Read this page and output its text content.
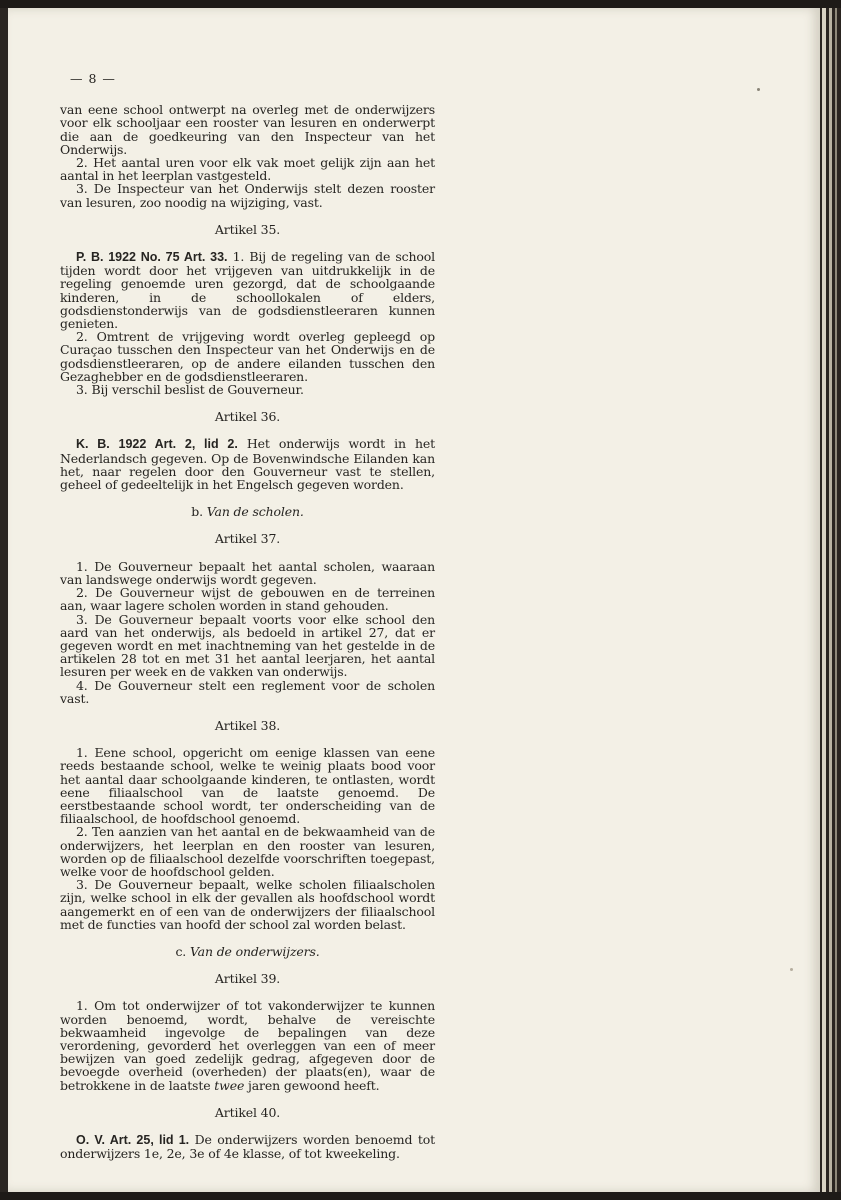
— 8 —

van eene school ontwerpt na overleg met de onderwijzers voor elk schooljaar een rooster van lesuren en onderwerpt die aan de goedkeuring van den Inspecteur van het Onderwijs.

2. Het aantal uren voor elk vak moet gelijk zijn aan het aantal in het leerplan vastgesteld.

3. De Inspecteur van het Onderwijs stelt dezen rooster van lesuren, zoo noodig na wijziging, vast.

Artikel 35.

P. B. 1922 No. 75 Art. 33. 1. Bij de regeling van de school tijden wordt door het vrijgeven van uitdrukkelijk in de regeling genoemde uren gezorgd, dat de schoolgaande kinderen, in de schoollokalen of elders, godsdienstonderwijs van de godsdienstleeraren kunnen genieten.

2. Omtrent de vrijgeving wordt overleg gepleegd op Curaçao tusschen den Inspecteur van het Onderwijs en de godsdienstleeraren, op de andere eilanden tusschen den Gezaghebber en de godsdienstleeraren.

3. Bij verschil beslist de Gouverneur.

Artikel 36.

K. B. 1922 Art. 2, lid 2. Het onderwijs wordt in het Nederlandsch gegeven. Op de Bovenwindsche Eilanden kan het, naar regelen door den Gouverneur vast te stellen, geheel of gedeeltelijk in het Engelsch gegeven worden.

b. Van de scholen.

Artikel 37.

1. De Gouverneur bepaalt het aantal scholen, waaraan van landswege onderwijs wordt gegeven.

2. De Gouverneur wijst de gebouwen en de terreinen aan, waar lagere scholen worden in stand gehouden.

3. De Gouverneur bepaalt voorts voor elke school den aard van het onderwijs, als bedoeld in artikel 27, dat er gegeven wordt en met inachtneming van het gestelde in de artikelen 28 tot en met 31 het aantal leerjaren, het aantal lesuren per week en de vakken van onderwijs.

4. De Gouverneur stelt een reglement voor de scholen vast.

Artikel 38.

1. Eene school, opgericht om eenige klassen van eene reeds bestaande school, welke te weinig plaats bood voor het aantal daar schoolgaande kinderen, te ontlasten, wordt eene filiaalschool van de laatste genoemd. De eerstbestaande school wordt, ter onderscheiding van de filiaalschool, de hoofdschool genoemd.

2. Ten aanzien van het aantal en de bekwaamheid van de onderwijzers, het leerplan en den rooster van lesuren, worden op de filiaalschool dezelfde voorschriften toegepast, welke voor de hoofdschool gelden.

3. De Gouverneur bepaalt, welke scholen filiaalscholen zijn, welke school in elk der gevallen als hoofdschool wordt aangemerkt en of een van de onderwijzers der filiaalschool met de functies van hoofd der school zal worden belast.

c. Van de onderwijzers.

Artikel 39.

1. Om tot onderwijzer of tot vakonderwijzer te kunnen worden benoemd, wordt, behalve de vereischte bekwaamheid ingevolge de bepalingen van deze verordening, gevorderd het overleggen van een of meer bewijzen van goed zedelijk gedrag, afgegeven door de bevoegde overheid (overheden) der plaats(en), waar de betrokkene in de laatste twee jaren gewoond heeft.

Artikel 40.

O. V. Art. 25, lid 1. De onderwijzers worden benoemd tot onderwijzers 1e, 2e, 3e of 4e klasse, of tot kweekeling.
